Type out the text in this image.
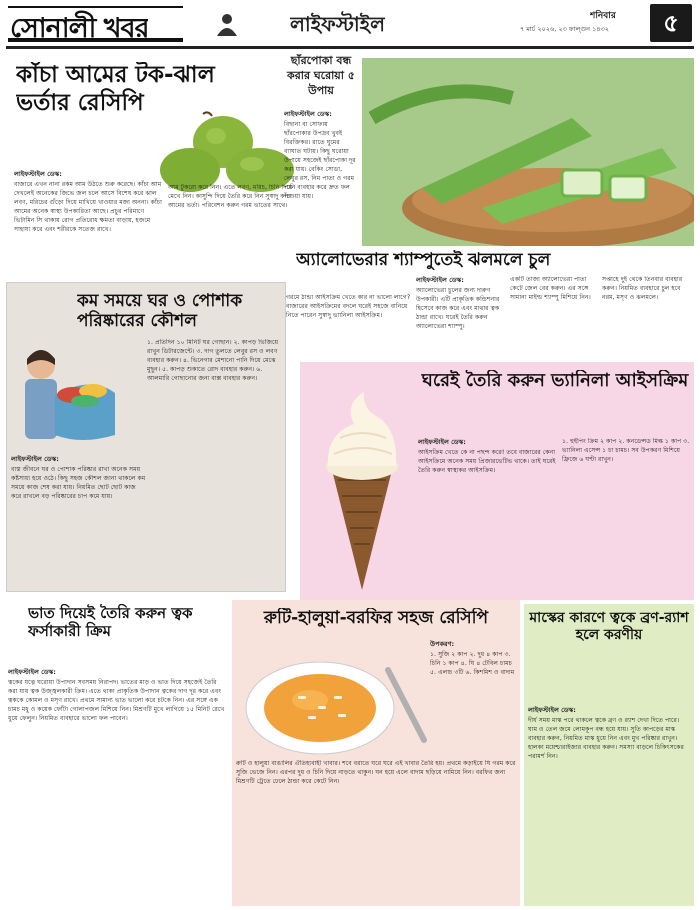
সোনালী খবর	লাইফস্টাইল	শনিবার
৭ মার্চ ২০২৬, ২৩ ফাল্গুন ১৪৩২	৫
কাঁচা আমের টক-ঝাল ভর্তার রেসিপি
লাইফস্টাইল ডেস্ক:

বাজারে এখন নানা রকম আম উঠতে শুরু করেছে। কাঁচা আম দেখলেই অনেকের জিভে জল চলে আসে বিশেষ করে ঝাল লবণ, মরিচের গুঁড়ো দিয়ে মাখিয়ে খাওয়ার মজা অনন্য। কাঁচা আমের অনেক স্বাস্থ্য উপকারিতা আছে। প্রচুর পরিমাণে ভিটামিন সি থাকায় রোগ প্রতিরোধ ক্ষমতা বাড়ায়, হজমে সাহায্য করে এবং শরীরকে সতেজ রাখে।

আম টুকরো করে নিন। এতে লবণ, মরিচ, চিনি দিয়ে মেখে নিন। কাসুন্দি দিয়ে তৈরি করে নিন সুস্বাদু কাঁচা আমের ভর্তা। পরিবেশন করুন গরম ভাতের সাথে।
ছাঁরপোকা বন্ধ করার ঘরোয়া ৫ উপায়
লাইফস্টাইল ডেস্ক:

বিছানা বা সোফায় ছাঁরপোকার উপদ্রব খুবই বিরক্তিকর। রাতে ঘুমের ব্যাঘাত ঘটায়। কিছু ঘরোয়া উপায়ে সহজেই ছাঁরপোকা দূর করা যায়। বেকিং সোডা, লেবুর রস, নিম পাতা ও গরম পানি ব্যবহার করে দ্রুত ফল পাওয়া যায়।

অ্যালোভেরার শ্যাম্পুতেই ঝলমলে চুল
লাইফস্টাইল ডেস্ক:

অ্যালোভেরা চুলের জন্য দারুণ উপকারী। এটি প্রাকৃতিক কন্ডিশনার হিসেবে কাজ করে এবং মাথার ত্বক ঠান্ডা রাখে। ঘরেই তৈরি করুন অ্যালোভেরা শ্যাম্পু।

একটি তাজা অ্যালোভেরা পাতা কেটে জেল বের করুন। এর সঙ্গে সামান্য মাইল্ড শ্যাম্পু মিশিয়ে নিন।
সপ্তাহে দুই থেকে তিনবার ব্যবহার করুন। নিয়মিত ব্যবহারে চুল হবে নরম, মসৃণ ও ঝলমলে।
কম সময়ে ঘর ও পোশাক পরিষ্কারের কৌশল
লাইফস্টাইল ডেস্ক:

ব্যস্ত জীবনে ঘর ও পোশাক পরিষ্কার রাখা অনেক সময় কষ্টসাধ্য হয়ে ওঠে। কিছু সহজ কৌশল জানা থাকলে কম সময়ে কাজ শেষ করা যায়। নিয়মিত ছোট ছোট কাজ করে রাখলে বড় পরিষ্কারের চাপ কমে যায়।

১. প্রতিদিন ১০ মিনিট ঘর গোছান। ২. কাপড় ভিজিয়ে রাখুন ডিটারজেন্টে। ৩. দাগ তুলতে লেবুর রস ও লবণ ব্যবহার করুন। ৪. ভিনেগার মেশানো পানি দিয়ে মেঝে মুছুন। ৫. কাপড় শুকাতে রোদ ব্যবহার করুন। ৬. আলমারি গোছানোর জন্য বাক্স ব্যবহার করুন।
গরমে ঠান্ডা আইসক্রিম খেতে কার না ভালো লাগে? বাজারের আইসক্রিমের বদলে ঘরেই সহজে বানিয়ে নিতে পারেন সুস্বাদু ভ্যানিলা আইসক্রিম।
ঘরেই তৈরি করুন ভ্যানিলা আইসক্রিম
লাইফস্টাইল ডেস্ক:

আইসক্রিম খেতে কে না পছন্দ করে! তবে বাজারের কেনা আইসক্রিমে অনেক সময় প্রিজারভেটিভ থাকে। তাই ঘরেই তৈরি করুন স্বাস্থ্যকর আইসক্রিম।

১. হুইপিং ক্রিম ২ কাপ ২. কনডেন্সড মিল্ক ১ কাপ ৩. ভ্যানিলা এসেন্স ১ চা চামচ। সব উপকরণ মিশিয়ে ফ্রিজে ৬ ঘণ্টা রাখুন।
ভাত দিয়েই তৈরি করুন ত্বক ফর্সাকারী ক্রিম
লাইফস্টাইল ডেস্ক:

ত্বকের যত্নে ঘরোয়া উপাদান সবসময় নিরাপদ। ভাতের মাড় ও ভাত দিয়ে সহজেই তৈরি করা যায় ত্বক উজ্জ্বলকারী ক্রিম। এতে থাকা প্রাকৃতিক উপাদান ত্বকের দাগ দূর করে এবং ত্বককে কোমল ও মসৃণ রাখে। প্রথমে সামান্য ভাত ভালো করে চটকে নিন। এর সঙ্গে এক চামচ মধু ও কয়েক ফোঁটা গোলাপজল মিশিয়ে নিন। মিশ্রণটি মুখে লাগিয়ে ১৫ মিনিট রেখে ধুয়ে ফেলুন। নিয়মিত ব্যবহারে ভালো ফল পাবেন।

রুটি-হালুয়া-বরফির সহজ রেসিপি
উপকরণ:

১. সুজি ২ কাপ ২. দুধ ৪ কাপ ৩. চিনি ১ কাপ ৪. ঘি ৪ টেবিল চামচ ৫. এলাচ ৩টি ৬. কিশমিশ ও বাদাম

রুটি ও হালুয়া বাঙালির ঐতিহ্যবাহী খাবার। শবে বরাতে ঘরে ঘরে এই খাবার তৈরি হয়। প্রথমে কড়াইয়ে ঘি গরম করে সুজি ভেজে নিন। এরপর দুধ ও চিনি দিয়ে নাড়তে থাকুন। ঘন হয়ে এলে বাদাম ছড়িয়ে নামিয়ে নিন। বরফির জন্য মিশ্রণটি ট্রেতে ঢেলে ঠান্ডা করে কেটে নিন।
মাস্কের কারণে ত্বকে ব্রণ-র‍্যাশ হলে করণীয়
লাইফস্টাইল ডেস্ক:

দীর্ঘ সময় মাস্ক পরে থাকলে ত্বকে ব্রণ ও র‍্যাশ দেখা দিতে পারে। ঘাম ও তেল জমে লোমকূপ বন্ধ হয়ে যায়। সুতি কাপড়ের মাস্ক ব্যবহার করুন, নিয়মিত মাস্ক ধুয়ে নিন এবং মুখ পরিষ্কার রাখুন। হালকা ময়েশ্চারাইজার ব্যবহার করুন। সমস্যা বাড়লে চিকিৎসকের পরামর্শ নিন।
